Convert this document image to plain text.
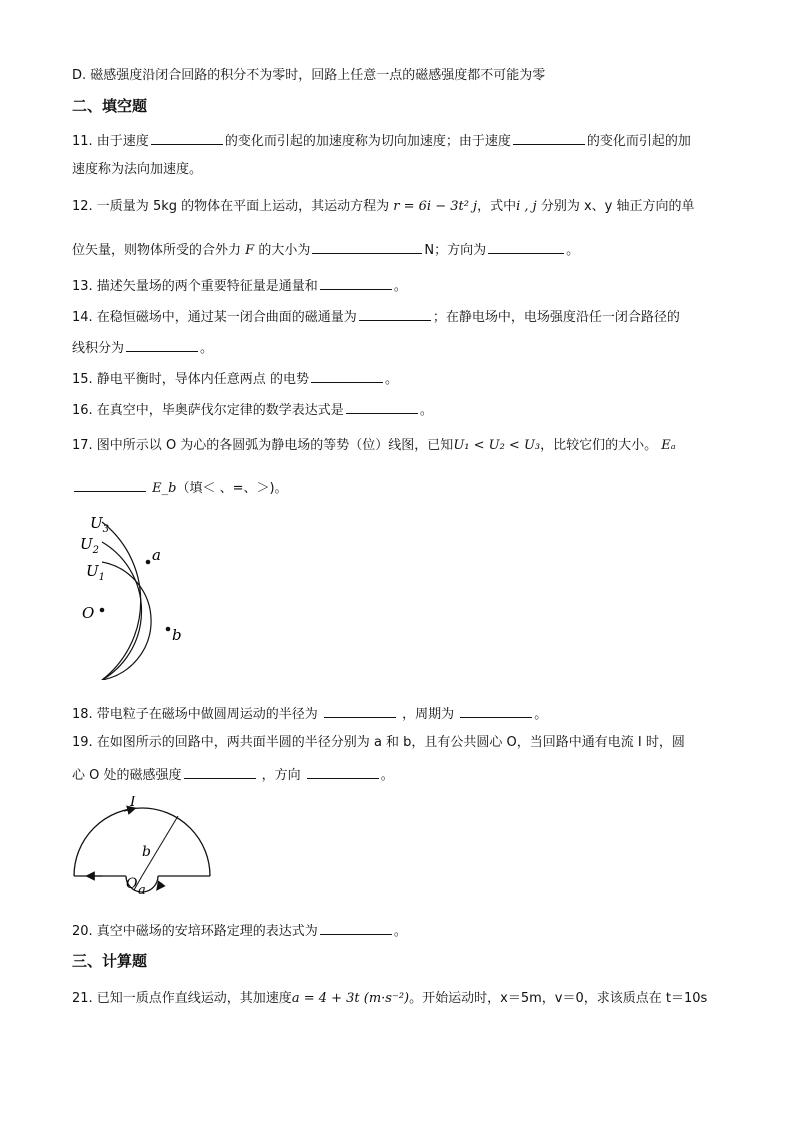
D. 磁感强度沿闭合回路的积分不为零时，回路上任意一点的磁感强度都不可能为零
二、填空题
11. 由于速度	的变化而引起的加速度称为切向加速度；由于速度	的变化而引起的加
速度称为法向加速度。
12. 一质量为 5kg 的物体在平面上运动，其运动方程为 r = 6i − 3t² j，式中i , j 分别为 x、y 轴正方向的单
位矢量，则物体所受的合外力 F 的大小为	N；方向为	。
13. 描述矢量场的两个重要特征量是通量和	。
14. 在稳恒磁场中，通过某一闭合曲面的磁通量为	；在静电场中，电场强度沿任一闭合路径的
线积分为	。
15. 静电平衡时，导体内任意两点 的电势	。
16. 在真空中，毕奥萨伐尔定律的数学表达式是	。
17. 图中所示以 O 为心的各圆弧为静电场的等势（位）线图，已知U₁ < U₂ < U₃，比较它们的大小。 Eₐ
E_b（填＜ 、=、＞)。
$U_3$
$U_2$
$U_1$
a
b
O
18. 带电粒子在磁场中做圆周运动的半径为	，周期为	。
19. 在如图所示的回路中，两共面半圆的半径分别为 a 和 b，且有公共圆心 O，当回路中通有电流 I 时，圆
心 O 处的磁感强度	，方向	。
I
b
O a
20. 真空中磁场的安培环路定理的表达式为	。
三、计算题
21. 已知一质点作直线运动，其加速度a = 4 + 3t (m·s⁻²)。开始运动时，x＝5m，v＝0，求该质点在 t＝10s
